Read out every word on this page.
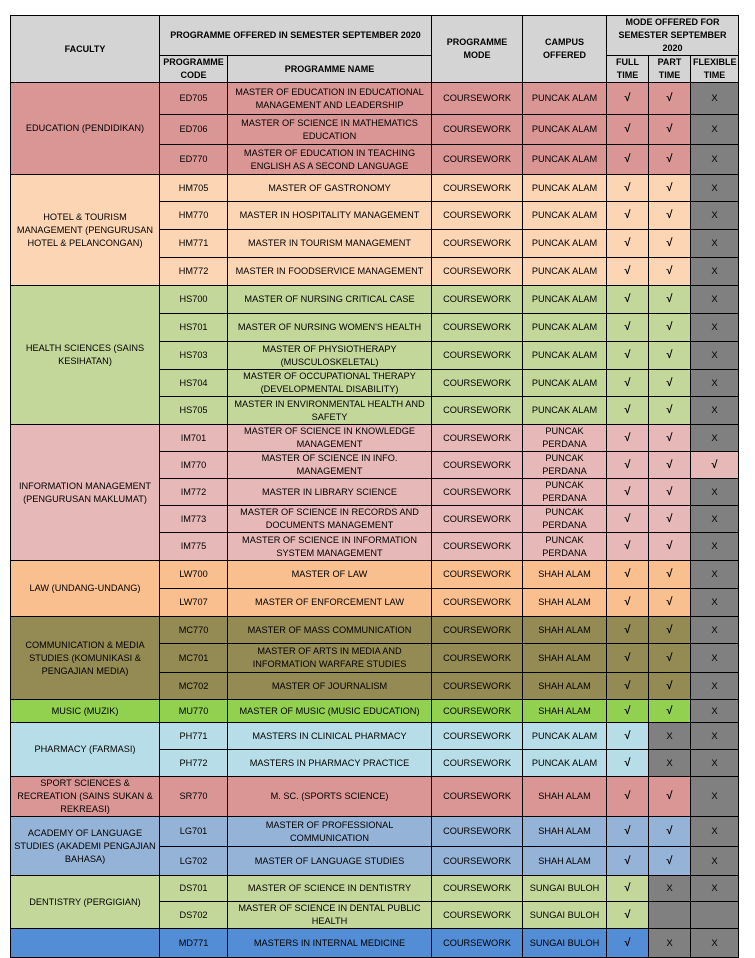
FACULTY	PROGRAMME OFFERED IN SEMESTER SEPTEMBER 2020		PROGRAMME MODE	CAMPUS OFFERED	MODE OFFERED FOR SEMESTER SEPTEMBER 2020		
	PROGRAMME CODE	PROGRAMME NAME			FULL TIME	PART TIME	FLEXIBLE TIME
EDUCATION (PENDIDIKAN)	ED705	MASTER OF EDUCATION IN EDUCATIONAL MANAGEMENT AND LEADERSHIP	COURSEWORK	PUNCAK ALAM	√	√	X
	ED706	MASTER OF SCIENCE IN MATHEMATICS EDUCATION	COURSEWORK	PUNCAK ALAM	√	√	X
	ED770	MASTER OF EDUCATION IN TEACHING ENGLISH AS A SECOND LANGUAGE	COURSEWORK	PUNCAK ALAM	√	√	X
HOTEL & TOURISM MANAGEMENT (PENGURUSAN HOTEL & PELANCONGAN)	HM705	MASTER OF GASTRONOMY	COURSEWORK	PUNCAK ALAM	√	√	X
	HM770	MASTER IN HOSPITALITY MANAGEMENT	COURSEWORK	PUNCAK ALAM	√	√	X
	HM771	MASTER IN TOURISM MANAGEMENT	COURSEWORK	PUNCAK ALAM	√	√	X
	HM772	MASTER IN FOODSERVICE MANAGEMENT	COURSEWORK	PUNCAK ALAM	√	√	X
HEALTH SCIENCES (SAINS KESIHATAN)	HS700	MASTER OF NURSING CRITICAL CASE	COURSEWORK	PUNCAK ALAM	√	√	X
	HS701	MASTER OF NURSING WOMEN'S HEALTH	COURSEWORK	PUNCAK ALAM	√	√	X
	HS703	MASTER OF PHYSIOTHERAPY (MUSCULOSKELETAL)	COURSEWORK	PUNCAK ALAM	√	√	X
	HS704	MASTER OF OCCUPATIONAL THERAPY (DEVELOPMENTAL DISABILITY)	COURSEWORK	PUNCAK ALAM	√	√	X
	HS705	MASTER IN ENVIRONMENTAL HEALTH AND SAFETY	COURSEWORK	PUNCAK ALAM	√	√	X
INFORMATION MANAGEMENT (PENGURUSAN MAKLUMAT)	IM701	MASTER OF SCIENCE IN KNOWLEDGE MANAGEMENT	COURSEWORK	PUNCAK PERDANA	√	√	X
	IM770	MASTER OF SCIENCE IN INFO. MANAGEMENT	COURSEWORK	PUNCAK PERDANA	√	√	√
	IM772	MASTER IN LIBRARY SCIENCE	COURSEWORK	PUNCAK PERDANA	√	√	X
	IM773	MASTER OF SCIENCE IN RECORDS AND DOCUMENTS MANAGEMENT	COURSEWORK	PUNCAK PERDANA	√	√	X
	IM775	MASTER OF SCIENCE IN INFORMATION SYSTEM MANAGEMENT	COURSEWORK	PUNCAK PERDANA	√	√	X
LAW (UNDANG-UNDANG)	LW700	MASTER OF LAW	COURSEWORK	SHAH ALAM	√	√	X
	LW707	MASTER OF ENFORCEMENT LAW	COURSEWORK	SHAH ALAM	√	√	X
COMMUNICATION & MEDIA STUDIES (KOMUNIKASI & PENGAJIAN MEDIA)	MC770	MASTER OF MASS COMMUNICATION	COURSEWORK	SHAH ALAM	√	√	X
	MC701	MASTER OF ARTS IN MEDIA AND INFORMATION WARFARE STUDIES	COURSEWORK	SHAH ALAM	√	√	X
	MC702	MASTER OF JOURNALISM	COURSEWORK	SHAH ALAM	√	√	X
MUSIC (MUZIK)	MU770	MASTER OF MUSIC (MUSIC EDUCATION)	COURSEWORK	SHAH ALAM	√	√	X
PHARMACY (FARMASI)	PH771	MASTERS IN CLINICAL PHARMACY	COURSEWORK	PUNCAK ALAM	√	X	X
	PH772	MASTERS IN PHARMACY PRACTICE	COURSEWORK	PUNCAK ALAM	√	X	X
SPORT SCIENCES & RECREATION (SAINS SUKAN & REKREASI)	SR770	M. SC. (SPORTS SCIENCE)	COURSEWORK	SHAH ALAM	√	√	X
ACADEMY OF LANGUAGE STUDIES (AKADEMI PENGAJIAN BAHASA)	LG701	MASTER OF PROFESSIONAL COMMUNICATION	COURSEWORK	SHAH ALAM	√	√	X
	LG702	MASTER OF LANGUAGE STUDIES	COURSEWORK	SHAH ALAM	√	√	X
DENTISTRY (PERGIGIAN)	DS701	MASTER OF SCIENCE IN DENTISTRY	COURSEWORK	SUNGAI BULOH	√	X	X
	DS702	MASTER OF SCIENCE IN DENTAL PUBLIC HEALTH	COURSEWORK	SUNGAI BULOH	√		
	MD771	MASTERS IN INTERNAL MEDICINE	COURSEWORK	SUNGAI BULOH	√	X	X
